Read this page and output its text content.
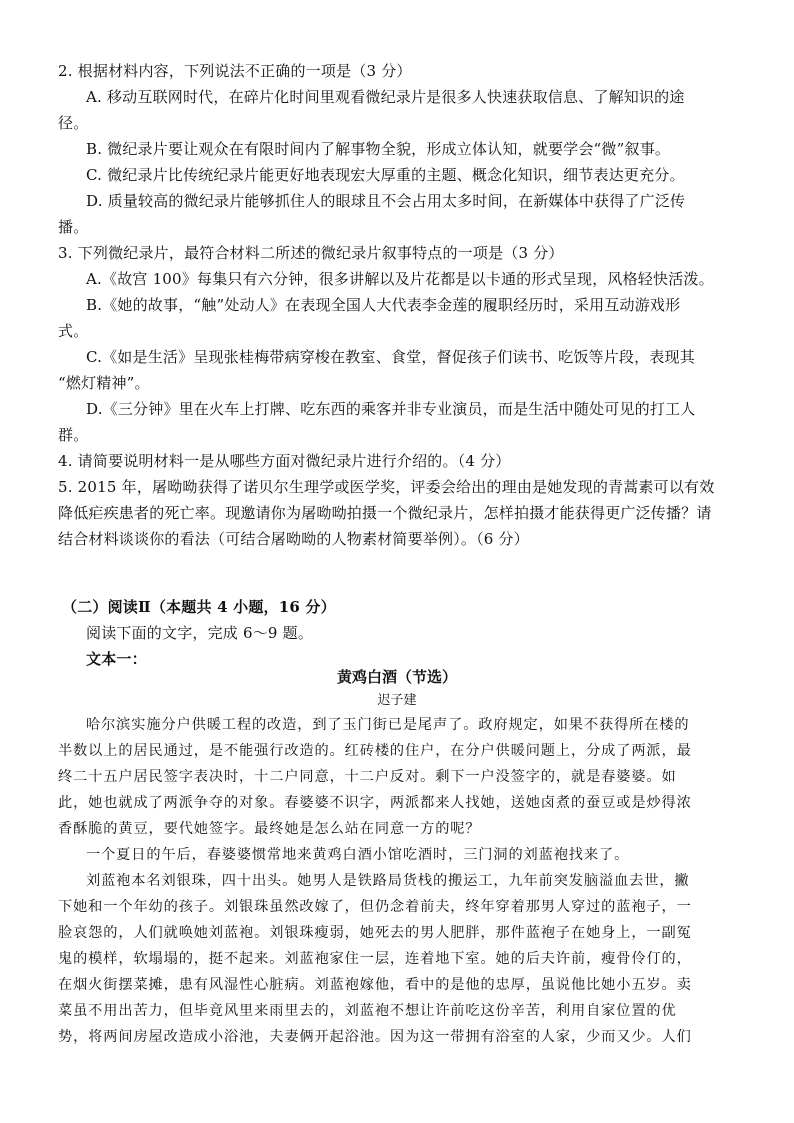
2. 根据材料内容，下列说法不正确的一项是（3 分）
A. 移动互联网时代，在碎片化时间里观看微纪录片是很多人快速获取信息、了解知识的途
径。
B. 微纪录片要让观众在有限时间内了解事物全貌，形成立体认知，就要学会“微”叙事。
C. 微纪录片比传统纪录片能更好地表现宏大厚重的主题、概念化知识，细节表达更充分。
D. 质量较高的微纪录片能够抓住人的眼球且不会占用太多时间，在新媒体中获得了广泛传
播。
3. 下列微纪录片，最符合材料二所述的微纪录片叙事特点的一项是（3 分）
A.《故宫 100》每集只有六分钟，很多讲解以及片花都是以卡通的形式呈现，风格轻快活泼。
B.《她的故事，“触”处动人》在表现全国人大代表李金莲的履职经历时，采用互动游戏形
式。
C.《如是生活》呈现张桂梅带病穿梭在教室、食堂，督促孩子们读书、吃饭等片段，表现其
“燃灯精神”。
D.《三分钟》里在火车上打牌、吃东西的乘客并非专业演员，而是生活中随处可见的打工人
群。
4. 请简要说明材料一是从哪些方面对微纪录片进行介绍的。（4 分）
5. 2015 年，屠呦呦获得了诺贝尔生理学或医学奖，评委会给出的理由是她发现的青蒿素可以有效
降低疟疾患者的死亡率。现邀请你为屠呦呦拍摄一个微纪录片，怎样拍摄才能获得更广泛传播？请
结合材料谈谈你的看法（可结合屠呦呦的人物素材简要举例）。（6 分）
（二）阅读Ⅱ（本题共 4 小题，16 分）
阅读下面的文字，完成 6～9 题。
文本一：
黄鸡白酒（节选）
迟子建
哈尔滨实施分户供暖工程的改造，到了玉门街已是尾声了。政府规定，如果不获得所在楼的
半数以上的居民通过，是不能强行改造的。红砖楼的住户，在分户供暖问题上，分成了两派，最
终二十五户居民签字表决时，十二户同意，十二户反对。剩下一户没签字的，就是春婆婆。如
此，她也就成了两派争夺的对象。春婆婆不识字，两派都来人找她，送她卤煮的蚕豆或是炒得浓
香酥脆的黄豆，要代她签字。最终她是怎么站在同意一方的呢？
一个夏日的午后，春婆婆惯常地来黄鸡白酒小馆吃酒时，三门洞的刘蓝袍找来了。
刘蓝袍本名刘银珠，四十出头。她男人是铁路局货栈的搬运工，九年前突发脑溢血去世，撇
下她和一个年幼的孩子。刘银珠虽然改嫁了，但仍念着前夫，终年穿着那男人穿过的蓝袍子，一
脸哀怨的，人们就唤她刘蓝袍。刘银珠瘦弱，她死去的男人肥胖，那件蓝袍子在她身上，一副冤
鬼的模样，软塌塌的，挺不起来。刘蓝袍家住一层，连着地下室。她的后夫许前，瘦骨伶仃的，
在烟火街摆菜摊，患有风湿性心脏病。刘蓝袍嫁他，看中的是他的忠厚，虽说他比她小五岁。卖
菜虽不用出苦力，但毕竟风里来雨里去的，刘蓝袍不想让许前吃这份辛苦，利用自家位置的优
势，将两间房屋改造成小浴池，夫妻俩开起浴池。因为这一带拥有浴室的人家，少而又少。人们
